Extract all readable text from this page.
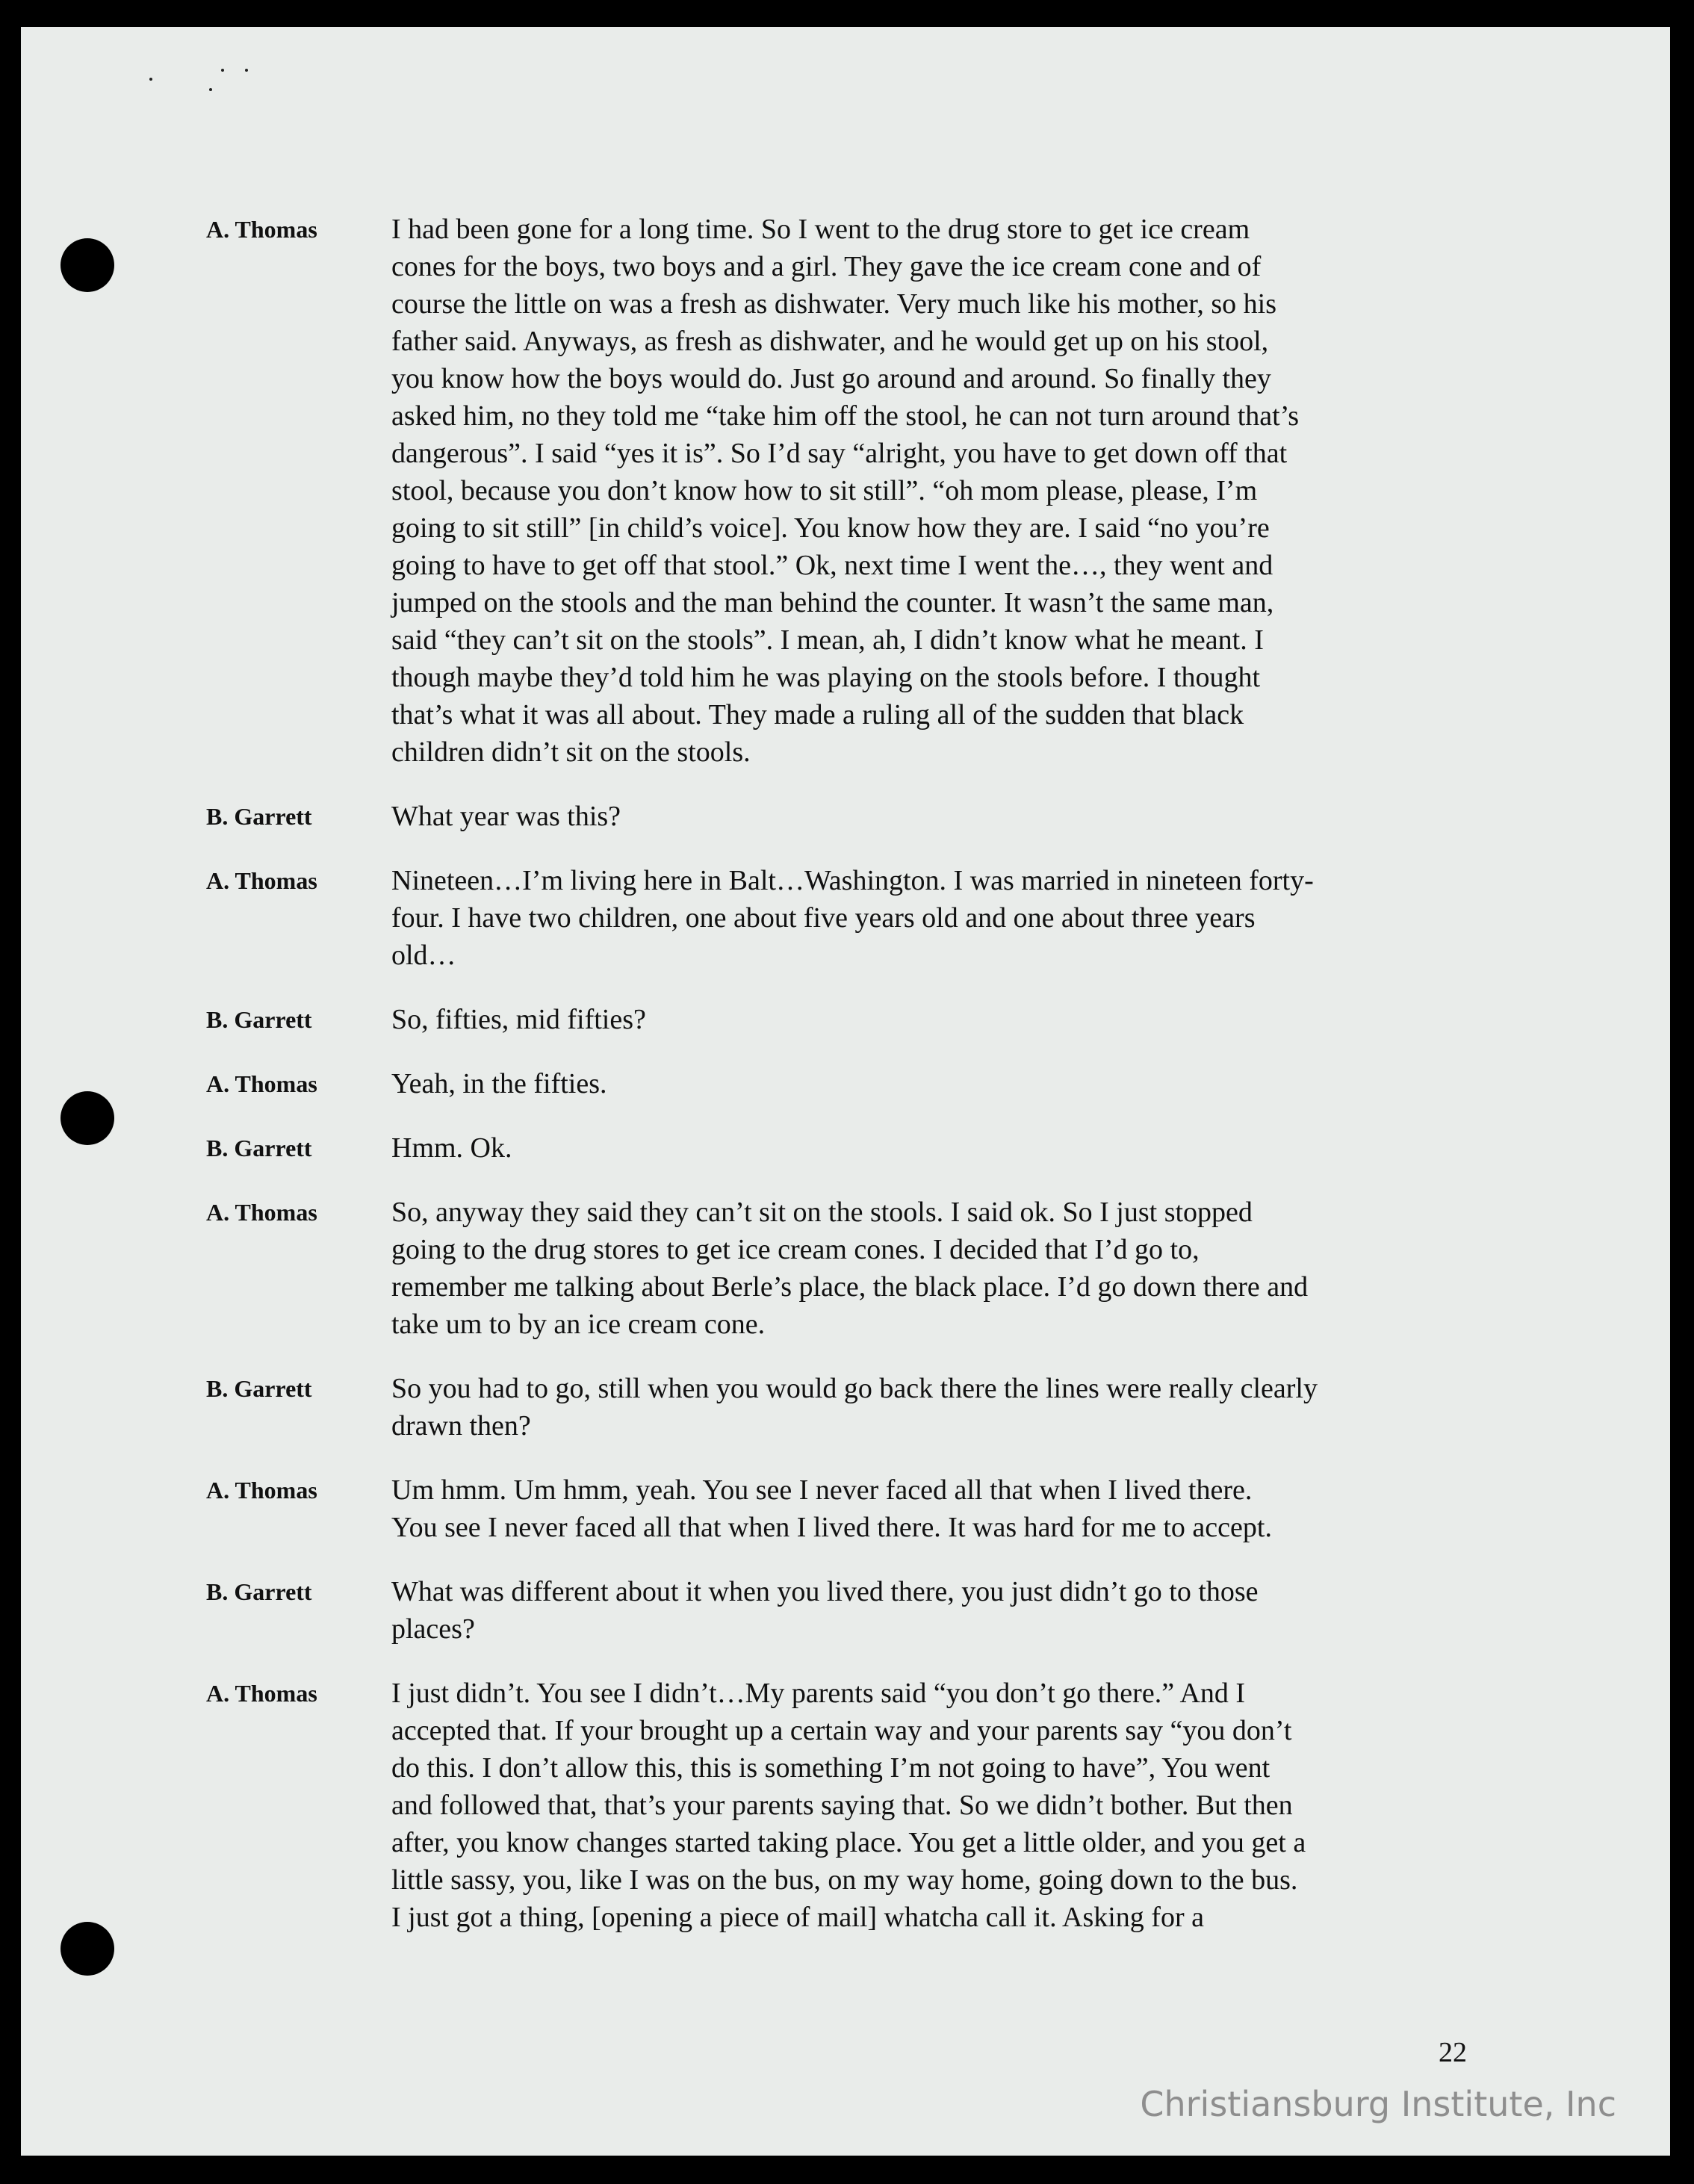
A. Thomas	I had been gone for a long time. So I went to the drug store to get ice cream
cones for the boys, two boys and a girl. They gave the ice cream cone and of
course the little on was a fresh as dishwater. Very much like his mother, so his
father said. Anyways, as fresh as dishwater, and he would get up on his stool,
you know how the boys would do. Just go around and around. So finally they
asked him, no they told me “take him off the stool, he can not turn around that’s
dangerous”. I said “yes it is”. So I’d say “alright, you have to get down off that
stool, because you don’t know how to sit still”. “oh mom please, please, I’m
going to sit still” [in child’s voice]. You know how they are. I said “no you’re
going to have to get off that stool.” Ok, next time I went the…, they went and
jumped on the stools and the man behind the counter. It wasn’t the same man,
said “they can’t sit on the stools”. I mean, ah, I didn’t know what he meant. I
though maybe they’d told him he was playing on the stools before. I thought
that’s what it was all about. They made a ruling all of the sudden that black
children didn’t sit on the stools.
B. Garrett	What year was this?
A. Thomas	Nineteen…I’m living here in Balt…Washington. I was married in nineteen forty-
four. I have two children, one about five years old and one about three years
old…
B. Garrett	So, fifties, mid fifties?
A. Thomas	Yeah, in the fifties.
B. Garrett	Hmm. Ok.
A. Thomas	So, anyway they said they can’t sit on the stools. I said ok. So I just stopped
going to the drug stores to get ice cream cones. I decided that I’d go to,
remember me talking about Berle’s place, the black place. I’d go down there and
take um to by an ice cream cone.
B. Garrett	So you had to go, still when you would go back there the lines were really clearly
drawn then?
A. Thomas	Um hmm. Um hmm, yeah. You see I never faced all that when I lived there.
You see I never faced all that when I lived there. It was hard for me to accept.
B. Garrett	What was different about it when you lived there, you just didn’t go to those
places?
A. Thomas	I just didn’t. You see I didn’t…My parents said “you don’t go there.” And I
accepted that. If your brought up a certain way and your parents say “you don’t
do this. I don’t allow this, this is something I’m not going to have”, You went
and followed that, that’s your parents saying that. So we didn’t bother. But then
after, you know changes started taking place. You get a little older, and you get a
little sassy, you, like I was on the bus, on my way home, going down to the bus.
I just got a thing, [opening a piece of mail] whatcha call it. Asking for a
22
Christiansburg Institute, Inc
